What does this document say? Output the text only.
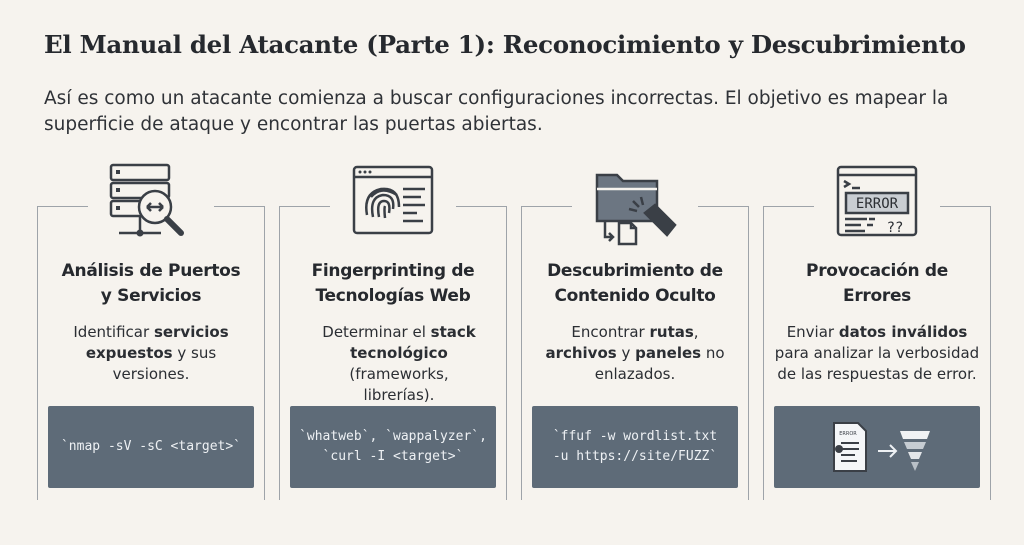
El Manual del Atacante (Parte 1): Reconocimiento y Descubrimiento

Así es como un atacante comienza a buscar configuraciones incorrectas. El objetivo es mapear la superficie de ataque y encontrar las puertas abiertas.

Análisis de Puertos
y Servicios

Identificar servicios expuestos y sus versiones.

`nmap -sV -sC <target>`
Fingerprinting de
Tecnologías Web

Determinar el stack tecnológico (frameworks, librerías).

`whatweb`, `wappalyzer`,
`curl -I <target>`
Descubrimiento de
Contenido Oculto

Encontrar rutas, archivos y paneles no enlazados.

`ffuf -w wordlist.txt
-u https://site/FUZZ`
ERROR
??
Provocación de
Errores

Enviar datos inválidos para analizar la verbosidad de las respuestas de error.

ERROR
